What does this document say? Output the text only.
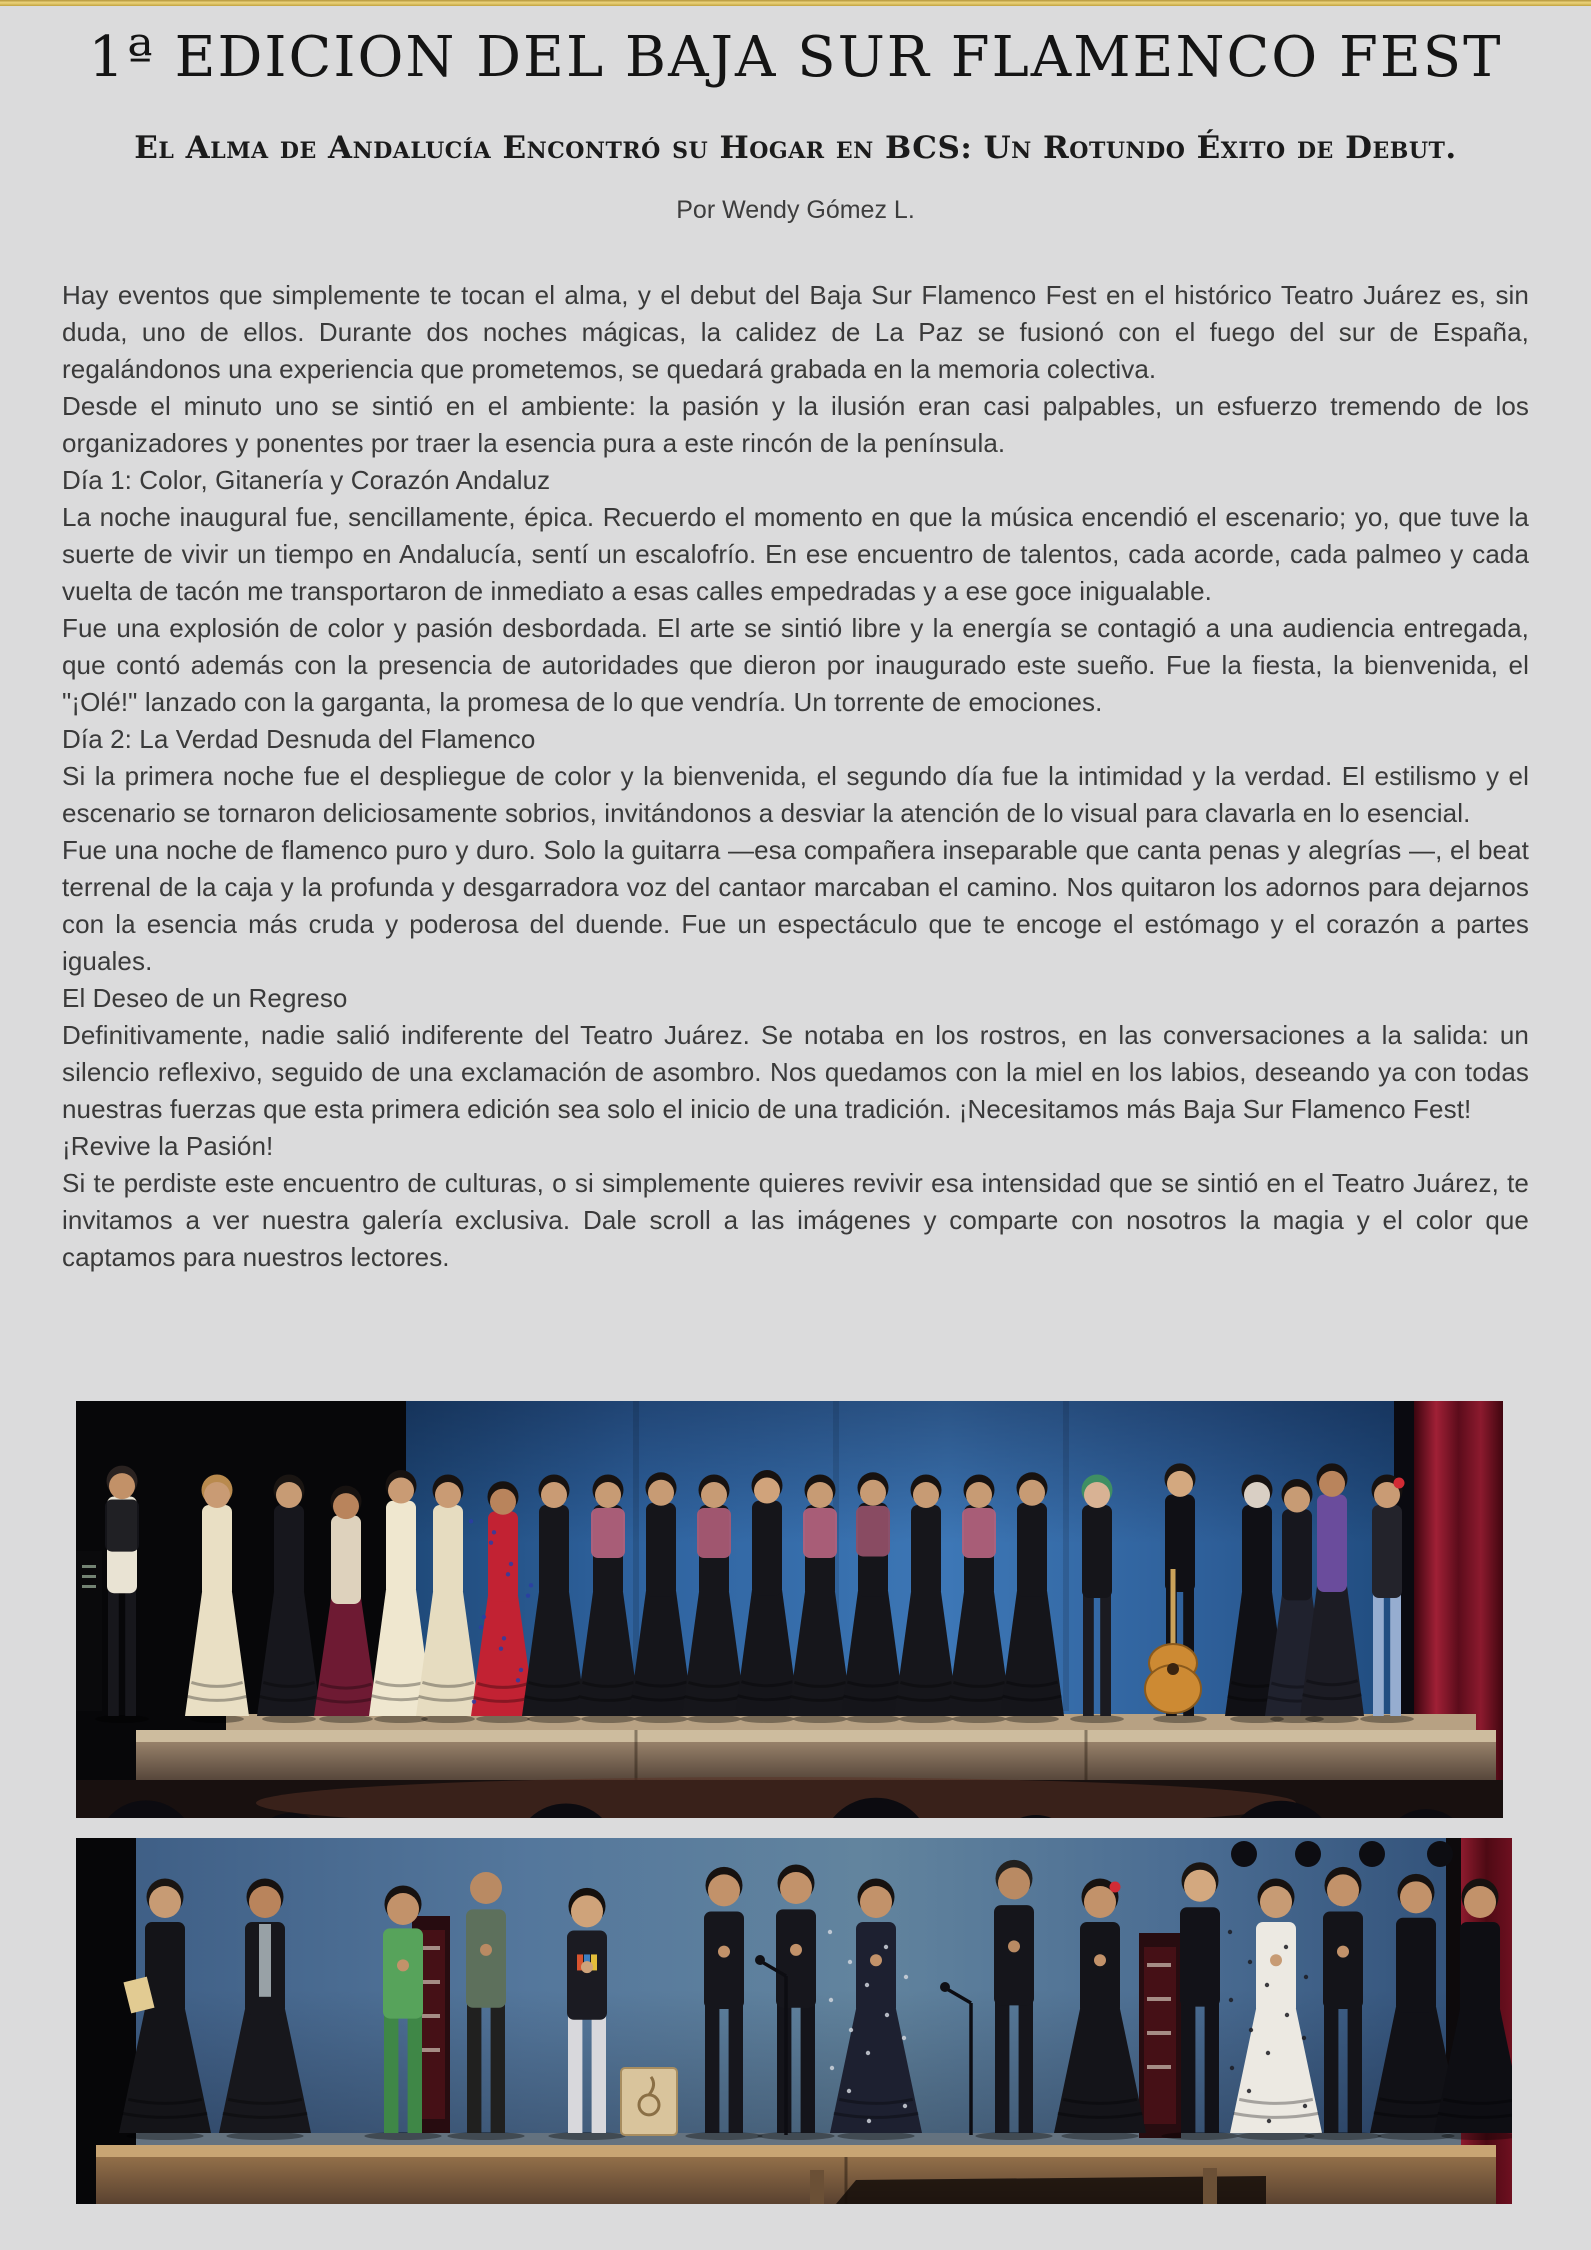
1ª EDICION DEL BAJA SUR FLAMENCO FEST
El Alma de Andalucía Encontró su Hogar en BCS: Un Rotundo Éxito de Debut.
Por Wendy Gómez L.

Hay eventos que simplemente te tocan el alma, y el debut del Baja Sur Flamenco Fest en el histórico Teatro Juárez es, sin duda, uno de ellos. Durante dos noches mágicas, la calidez de La Paz se fusionó con el fuego del sur de España, regalándonos una experiencia que prometemos, se quedará grabada en la memoria colectiva.

Desde el minuto uno se sintió en el ambiente: la pasión y la ilusión eran casi palpables, un esfuerzo tremendo de los organizadores y ponentes por traer la esencia pura a este rincón de la península.

Día 1: Color, Gitanería y Corazón Andaluz

La noche inaugural fue, sencillamente, épica. Recuerdo el momento en que la música encendió el escenario; yo, que tuve la suerte de vivir un tiempo en Andalucía, sentí un escalofrío. En ese encuentro de talentos, cada acorde, cada palmeo y cada vuelta de tacón me transportaron de inmediato a esas calles empedradas y a ese goce inigualable.

Fue una explosión de color y pasión desbordada. El arte se sintió libre y la energía se contagió a una audiencia entregada, que contó además con la presencia de autoridades que dieron por inaugurado este sueño. Fue la fiesta, la bienvenida, el "¡Olé!" lanzado con la garganta, la promesa de lo que vendría. Un torrente de emociones.

Día 2: La Verdad Desnuda del Flamenco

Si la primera noche fue el despliegue de color y la bienvenida, el segundo día fue la intimidad y la verdad. El estilismo y el escenario se tornaron deliciosamente sobrios, invitándonos a desviar la atención de lo visual para clavarla en lo esencial.

Fue una noche de flamenco puro y duro. Solo la guitarra —esa compañera inseparable que canta penas y alegrías —, el beat terrenal de la caja y la profunda y desgarradora voz del cantaor marcaban el camino. Nos quitaron los adornos para dejarnos con la esencia más cruda y poderosa del duende. Fue un espectáculo que te encoge el estómago y el corazón a partes iguales.

El Deseo de un Regreso

Definitivamente, nadie salió indiferente del Teatro Juárez. Se notaba en los rostros, en las conversaciones a la salida: un silencio reflexivo, seguido de una exclamación de asombro. Nos quedamos con la miel en los labios, deseando ya con todas nuestras fuerzas que esta primera edición sea solo el inicio de una tradición. ¡Necesitamos más Baja Sur Flamenco Fest!

¡Revive la Pasión!

Si te perdiste este encuentro de culturas, o si simplemente quieres revivir esa intensidad que se sintió en el Teatro Juárez, te invitamos a ver nuestra galería exclusiva. Dale scroll a las imágenes y comparte con nosotros la magia y el color que captamos para nuestros lectores.
